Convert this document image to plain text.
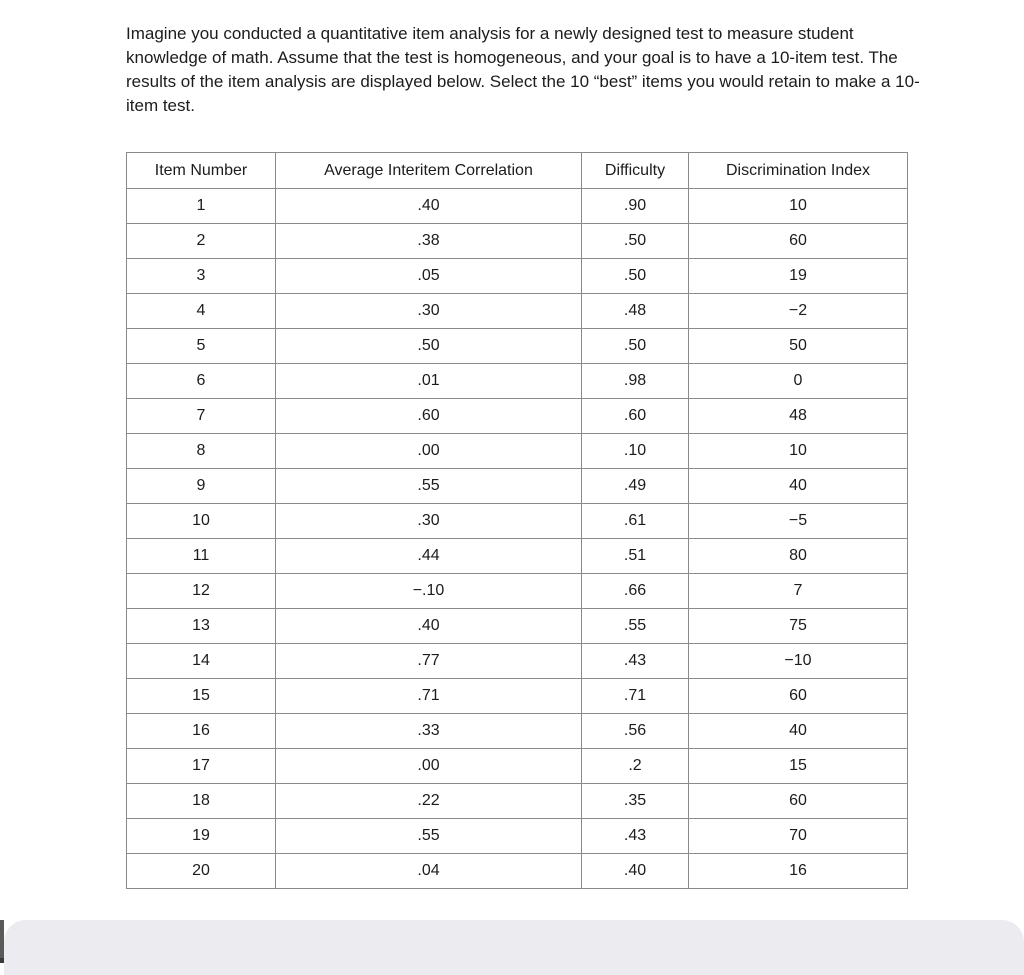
Imagine you conducted a quantitative item analysis for a newly designed test to measure student knowledge of math. Assume that the test is homogeneous, and your goal is to have a 10-item test. The results of the item analysis are displayed below. Select the 10 “best” items you would retain to make a 10-item test.

Item Number	Average Interitem Correlation	Difficulty	Discrimination Index
1	.40	.90	10
2	.38	.50	60
3	.05	.50	19
4	.30	.48	−2
5	.50	.50	50
6	.01	.98	0
7	.60	.60	48
8	.00	.10	10
9	.55	.49	40
10	.30	.61	−5
11	.44	.51	80
12	−.10	.66	7
13	.40	.55	75
14	.77	.43	−10
15	.71	.71	60
16	.33	.56	40
17	.00	.2	15
18	.22	.35	60
19	.55	.43	70
20	.04	.40	16
